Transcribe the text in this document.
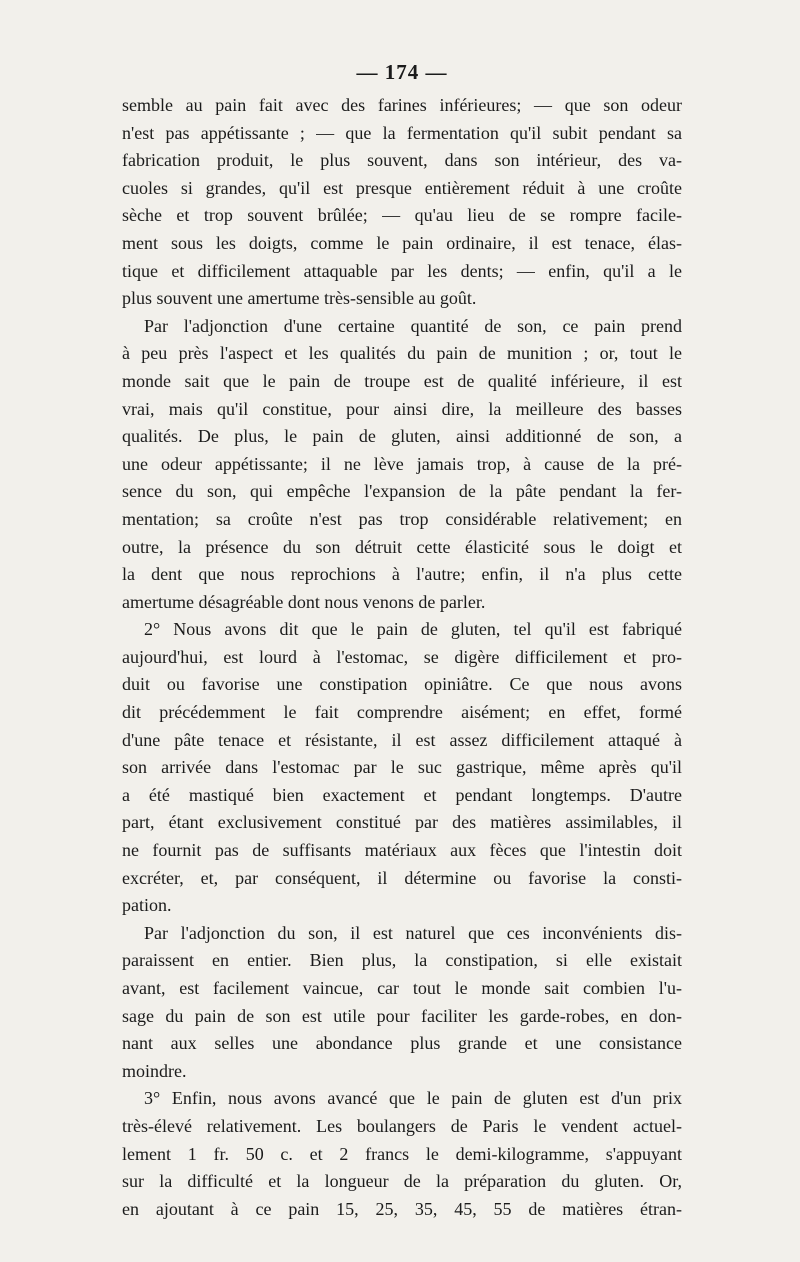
— 174 —
semble au pain fait avec des farines inférieures; — que son odeur
n'est pas appétissante ; — que la fermentation qu'il subit pendant sa
fabrication produit, le plus souvent, dans son intérieur, des va-
cuoles si grandes, qu'il est presque entièrement réduit à une croûte
sèche et trop souvent brûlée; — qu'au lieu de se rompre facile-
ment sous les doigts, comme le pain ordinaire, il est tenace, élas-
tique et difficilement attaquable par les dents; — enfin, qu'il a le
plus souvent une amertume très-sensible au goût.
Par l'adjonction d'une certaine quantité de son, ce pain prend
à peu près l'aspect et les qualités du pain de munition ; or, tout le
monde sait que le pain de troupe est de qualité inférieure, il est
vrai, mais qu'il constitue, pour ainsi dire, la meilleure des basses
qualités. De plus, le pain de gluten, ainsi additionné de son, a
une odeur appétissante; il ne lève jamais trop, à cause de la pré-
sence du son, qui empêche l'expansion de la pâte pendant la fer-
mentation; sa croûte n'est pas trop considérable relativement; en
outre, la présence du son détruit cette élasticité sous le doigt et
la dent que nous reprochions à l'autre; enfin, il n'a plus cette
amertume désagréable dont nous venons de parler.
2° Nous avons dit que le pain de gluten, tel qu'il est fabriqué
aujourd'hui, est lourd à l'estomac, se digère difficilement et pro-
duit ou favorise une constipation opiniâtre. Ce que nous avons
dit précédemment le fait comprendre aisément; en effet, formé
d'une pâte tenace et résistante, il est assez difficilement attaqué à
son arrivée dans l'estomac par le suc gastrique, même après qu'il
a été mastiqué bien exactement et pendant longtemps. D'autre
part, étant exclusivement constitué par des matières assimilables, il
ne fournit pas de suffisants matériaux aux fèces que l'intestin doit
excréter, et, par conséquent, il détermine ou favorise la consti-
pation.
Par l'adjonction du son, il est naturel que ces inconvénients dis-
paraissent en entier. Bien plus, la constipation, si elle existait
avant, est facilement vaincue, car tout le monde sait combien l'u-
sage du pain de son est utile pour faciliter les garde-robes, en don-
nant aux selles une abondance plus grande et une consistance
moindre.
3° Enfin, nous avons avancé que le pain de gluten est d'un prix
très-élevé relativement. Les boulangers de Paris le vendent actuel-
lement 1 fr. 50 c. et 2 francs le demi-kilogramme, s'appuyant
sur la difficulté et la longueur de la préparation du gluten. Or,
en ajoutant à ce pain 15, 25, 35, 45, 55 de matières étran-
